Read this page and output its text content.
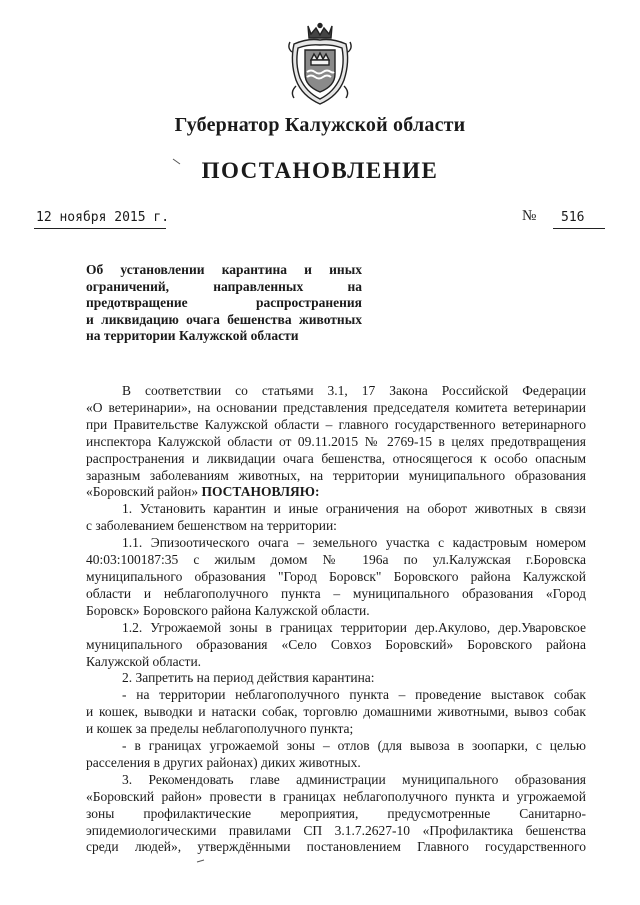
Губернатор Калужской области
ПОСТАНОВЛЕНИЕ
12 ноября 2015 г.	№ 516
Об установлении карантина и иных
ограничений, направленных на
предотвращение распространения
и ликвидацию очага бешенства животных
на территории Калужской области
В соответствии со статьями 3.1, 17 Закона Российской Федерации
«О ветеринарии», на основании представления председателя комитета ветеринарии
при Правительстве Калужской области – главного государственного ветеринарного
инспектора Калужской области от 09.11.2015 № 2769-15 в целях предотвращения
распространения и ликвидации очага бешенства, относящегося к особо опасным
заразным заболеваниям животных, на территории муниципального образования
«Боровский район» ПОСТАНОВЛЯЮ:
1. Установить карантин и иные ограничения на оборот животных в связи
с заболеванием бешенством на территории:
1.1. Эпизоотического очага – земельного участка с кадастровым номером
40:03:100187:35 с жилым домом № 196а по ул.Калужская г.Боровска
муниципального образования "Город Боровск" Боровского района Калужской
области и неблагополучного пункта – муниципального образования «Город
Боровск» Боровского района Калужской области.
1.2. Угрожаемой зоны в границах территории дер.Акулово, дер.Уваровское
муниципального образования «Село Совхоз Боровский» Боровского района
Калужской области.
2. Запретить на период действия карантина:
- на территории неблагополучного пункта – проведение выставок собак
и кошек, выводки и натаски собак, торговлю домашними животными, вывоз собак
и кошек за пределы неблагополучного пункта;
- в границах угрожаемой зоны – отлов (для вывоза в зоопарки, с целью
расселения в других районах) диких животных.
3. Рекомендовать главе администрации муниципального образования
«Боровский район» провести в границах неблагополучного пункта и угрожаемой
зоны профилактические мероприятия, предусмотренные Санитарно-
эпидемиологическими правилами СП 3.1.7.2627-10 «Профилактика бешенства
среди людей», утверждёнными постановлением Главного государственного
